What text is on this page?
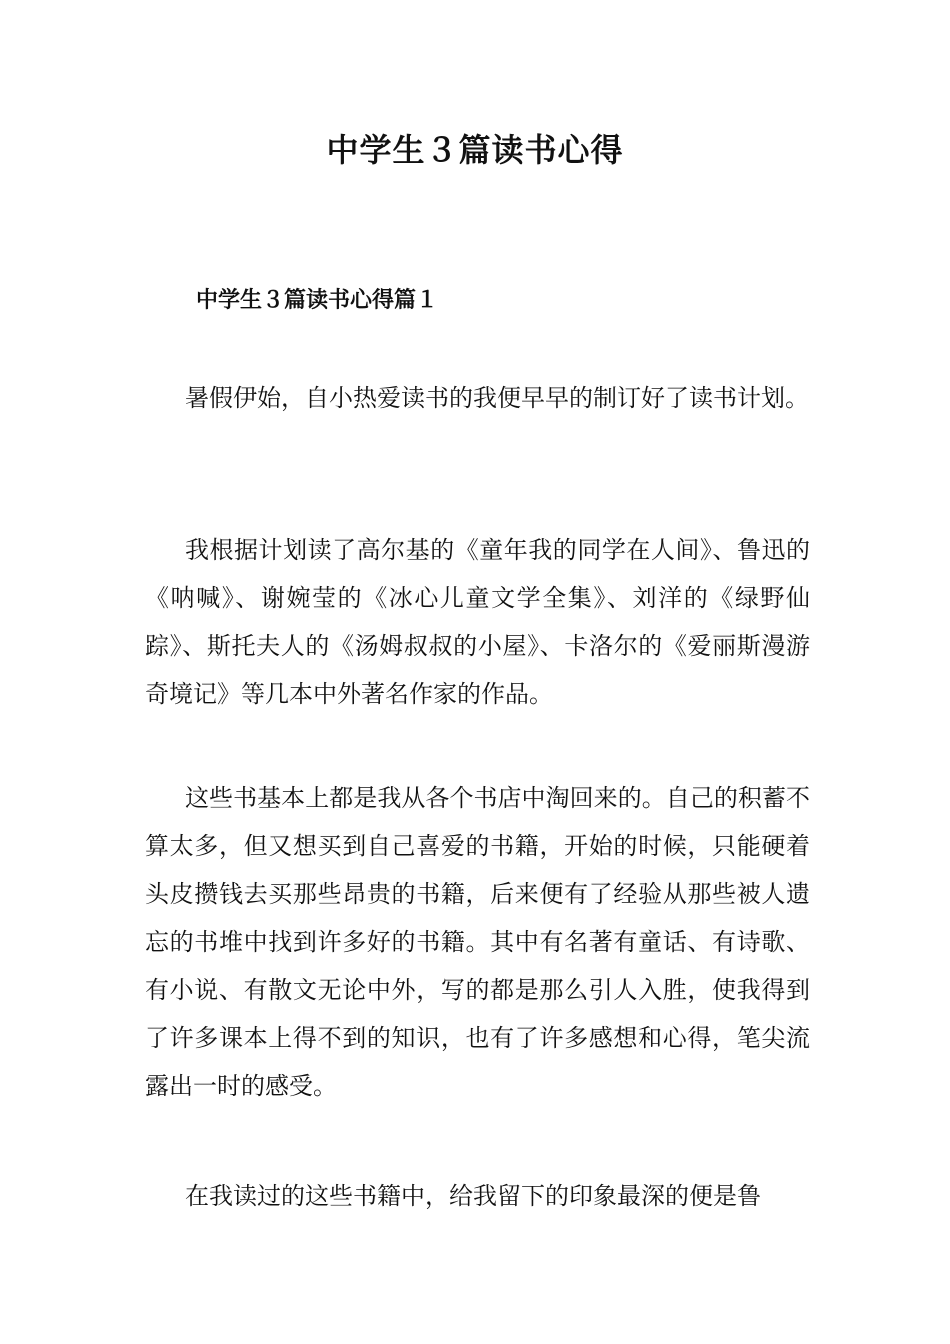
中学生３篇读书心得
中学生３篇读书心得篇１

暑假伊始，自小热爱读书的我便早早的制订好了读书计划。

我根据计划读了高尔基的《童年我的同学在人间》、鲁迅的《呐喊》、谢婉莹的《冰心儿童文学全集》、刘洋的《绿野仙踪》、斯托夫人的《汤姆叔叔的小屋》、卡洛尔的《爱丽斯漫游奇境记》等几本中外著名作家的作品。

这些书基本上都是我从各个书店中淘回来的。自己的积蓄不算太多，但又想买到自己喜爱的书籍，开始的时候，只能硬着头皮攒钱去买那些昂贵的书籍，后来便有了经验从那些被人遗忘的书堆中找到许多好的书籍。其中有名著有童话、有诗歌、有小说、有散文无论中外，写的都是那么引人入胜，使我得到了许多课本上得不到的知识，也有了许多感想和心得，笔尖流露出一时的感受。

在我读过的这些书籍中，给我留下的印象最深的便是鲁
